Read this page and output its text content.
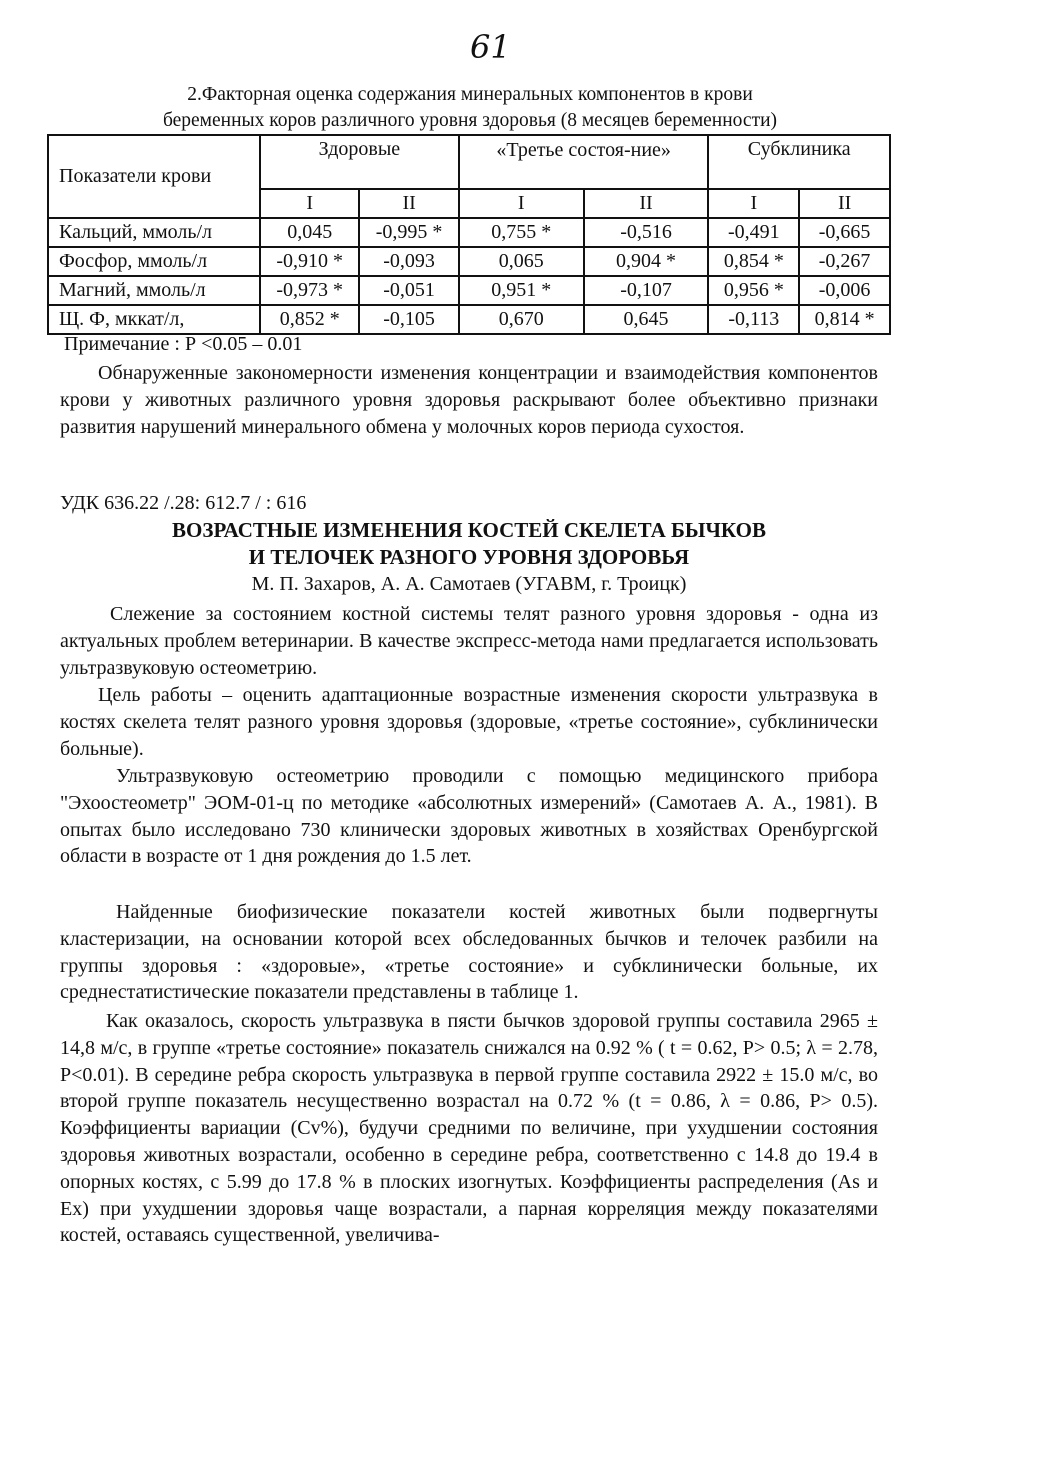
61
2.Факторная оценка содержания минеральных компонентов в крови
беременных коров различного уровня здоровья (8 месяцев беременности)
Показатели крови	Здоровые		«Третье состоя-ние»		Субклиника	
	I	II	I	II	I	II
Кальций, ммоль/л	0,045	-0,995 *	0,755 *	-0,516	-0,491	-0,665
Фосфор, ммоль/л	-0,910 *	-0,093	0,065	0,904 *	0,854 *	-0,267
Магний, ммоль/л	-0,973 *	-0,051	0,951 *	-0,107	0,956 *	-0,006
Щ. Ф, мккат/л,	0,852 *	-0,105	0,670	0,645	-0,113	0,814 *
Примечание : Р <0.05 – 0.01

Обнаруженные закономерности изменения концентрации и взаимодействия компонентов крови у животных различного уровня здоровья раскрывают более объективно признаки развития нарушений минерального обмена у молочных коров периода сухостоя.

УДК 636.22 /.28: 612.7 / : 616
ВОЗРАСТНЫЕ ИЗМЕНЕНИЯ КОСТЕЙ СКЕЛЕТА БЫЧКОВ
И ТЕЛОЧЕК РАЗНОГО УРОВНЯ ЗДОРОВЬЯ
М. П. Захаров, А. А. Самотаев (УГАВМ, г. Троицк)

Слежение за состоянием костной системы телят разного уровня здоровья - одна из актуальных проблем ветеринарии. В качестве экспресс-метода нами предлагается использовать ультразвуковую остеометрию.

Цель работы – оценить адаптационные возрастные изменения скорости ультразвука в костях скелета телят разного уровня здоровья (здоровые, «третье состояние», субклинически больные).

Ультразвуковую остеометрию проводили с помощью медицинского прибора "Эхоостеометр" ЭОМ-01-ц по методике «абсолютных измерений» (Самотаев А. А., 1981). В опытах было исследовано 730 клинически здоровых животных в хозяйствах Оренбургской области в возрасте от 1 дня рождения до 1.5 лет.

Найденные биофизические показатели костей животных были подвергнуты кластеризации, на основании которой всех обследованных бычков и телочек разбили на группы здоровья : «здоровые», «третье состояние» и субклинически больные, их среднестатистические показатели представлены в таблице 1.

Как оказалось, скорость ультразвука в пясти бычков здоровой группы составила 2965 ± 14,8 м/с, в группе «третье состояние» показатель снижался на 0.92 % ( t = 0.62, P> 0.5; λ = 2.78, P<0.01). В середине ребра скорость ультразвука в первой группе составила 2922 ± 15.0 м/с, во второй группе показатель несущественно возрастал на 0.72 % (t = 0.86, λ = 0.86, P> 0.5). Коэффициенты вариации (Cv%), будучи средними по величине, при ухудшении состояния здоровья животных возрастали, особенно в середине ребра, соответственно с 14.8 до 19.4 в опорных костях, с 5.99 до 17.8 % в плоских изогнутых. Коэффициенты распределения (As и Ex) при ухудшении здоровья чаще возрастали, а парная корреляция между показателями костей, оставаясь существенной, увеличива-
